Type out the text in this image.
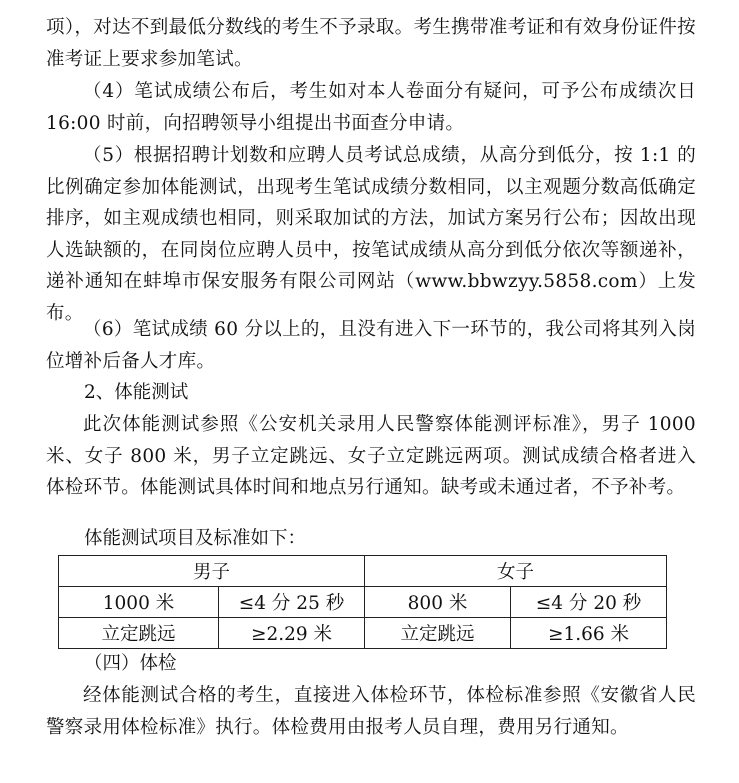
项），对达不到最低分数线的考生不予录取。考生携带准考证和有效身份证件按准考证上要求参加笔试。

（4）笔试成绩公布后，考生如对本人卷面分有疑问，可予公布成绩次日 16:00 时前，向招聘领导小组提出书面查分申请。

（5）根据招聘计划数和应聘人员考试总成绩，从高分到低分，按 1:1 的比例确定参加体能测试，出现考生笔试成绩分数相同，以主观题分数高低确定排序，如主观成绩也相同，则采取加试的方法，加试方案另行公布；因故出现人选缺额的，在同岗位应聘人员中，按笔试成绩从高分到低分依次等额递补，递补通知在蚌埠市保安服务有限公司网站（www.bbwzyy.5858.com）上发布。

（6）笔试成绩 60 分以上的，且没有进入下一环节的，我公司将其列入岗位增补后备人才库。

2、体能测试

此次体能测试参照《公安机关录用人民警察体能测评标准》，男子 1000 米、女子 800 米，男子立定跳远、女子立定跳远两项。测试成绩合格者进入体检环节。体能测试具体时间和地点另行通知。缺考或未通过者，不予补考。

体能测试项目及标准如下：

男子		女子	
1000 米	≤4 分 25 秒	800 米	≤4 分 20 秒
立定跳远	≥2.29 米	立定跳远	≥1.66 米

（四）体检

经体能测试合格的考生，直接进入体检环节，体检标准参照《安徽省人民警察录用体检标准》执行。体检费用由报考人员自理，费用另行通知。
